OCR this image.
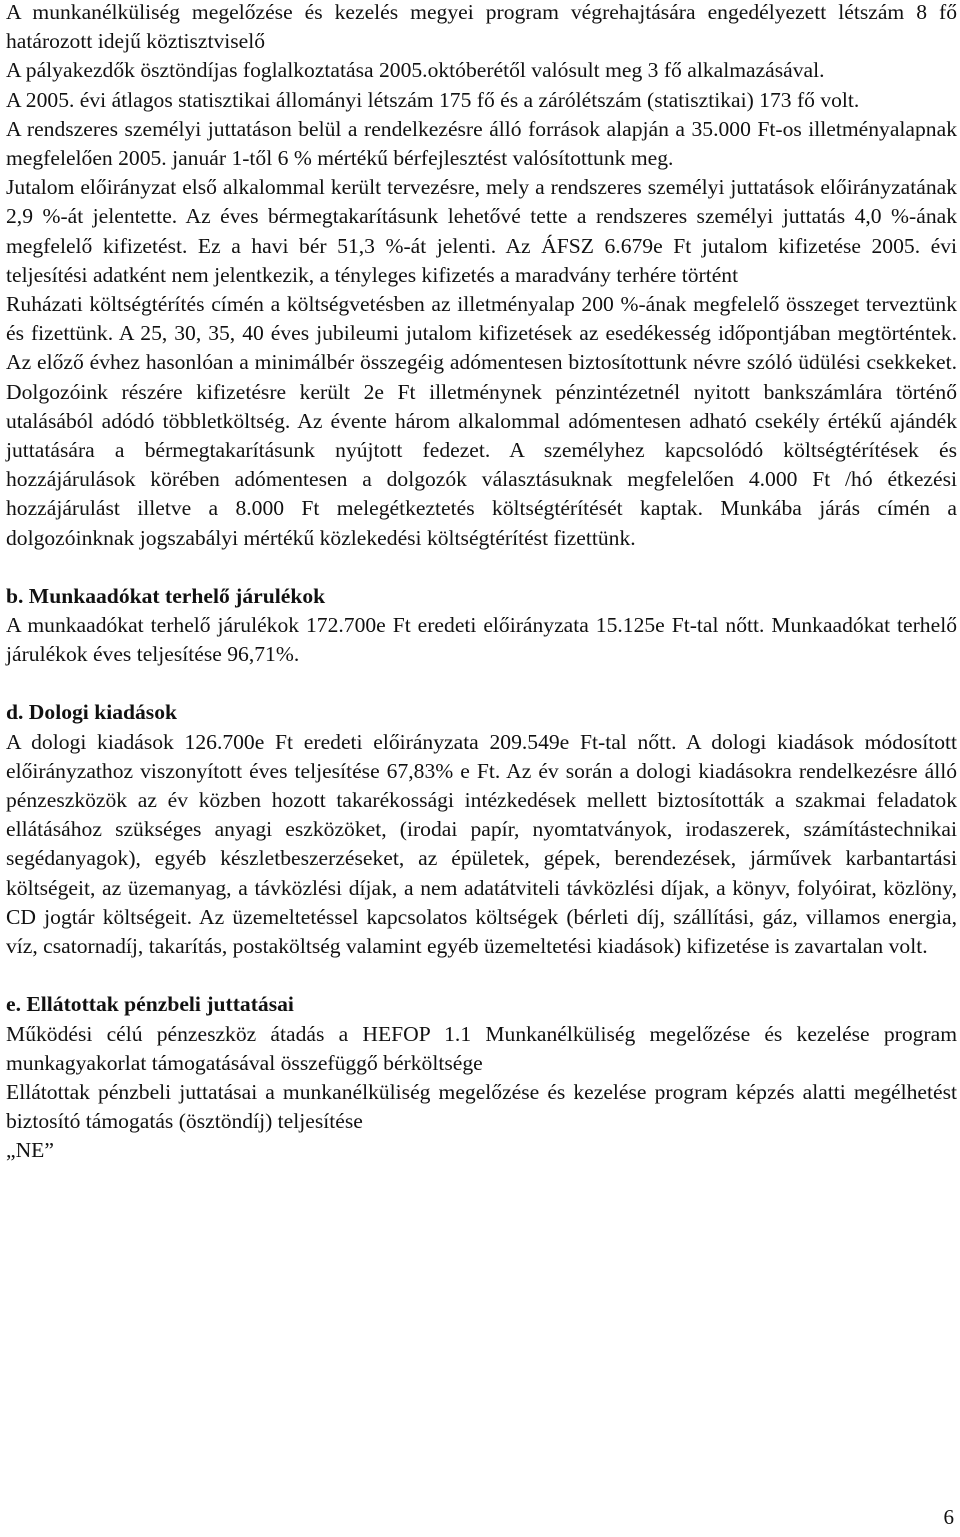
A munkanélküliség megelőzése és kezelés megyei program végrehajtására engedélyezett létszám 8 fő határozott idejű köztisztviselő

A pályakezdők ösztöndíjas foglalkoztatása 2005.októberétől valósult meg 3 fő alkalmazásával.

A 2005. évi átlagos statisztikai állományi létszám 175 fő és a zárólétszám (statisztikai) 173 fő volt.

A rendszeres személyi juttatáson belül a rendelkezésre álló források alapján a 35.000 Ft-os illetményalapnak megfelelően 2005. január 1-től 6 % mértékű bérfejlesztést valósítottunk meg.

Jutalom előirányzat első alkalommal került tervezésre, mely a rendszeres személyi juttatások előirányzatának 2,9 %-át jelentette. Az éves bérmegtakarításunk lehetővé tette a rendszeres személyi juttatás 4,0 %-ának megfelelő kifizetést. Ez a havi bér 51,3 %-át jelenti. Az ÁFSZ 6.679e Ft jutalom kifizetése 2005. évi teljesítési adatként nem jelentkezik, a tényleges kifizetés a maradvány terhére történt

Ruházati költségtérítés címén a költségvetésben az illetményalap 200 %-ának megfelelő összeget terveztünk és fizettünk. A 25, 30, 35, 40 éves jubileumi jutalom kifizetések az esedékesség időpontjában megtörténtek. Az előző évhez hasonlóan a minimálbér összegéig adómentesen biztosítottunk névre szóló üdülési csekkeket. Dolgozóink részére kifizetésre került 2e Ft illetménynek pénzintézetnél nyitott bankszámlára történő utalásából adódó többletköltség. Az évente három alkalommal adómentesen adható csekély értékű ajándék juttatására a bérmegtakarításunk nyújtott fedezet. A személyhez kapcsolódó költségtérítések és hozzájárulások körében adómentesen a dolgozók választásuknak megfelelően 4.000 Ft /hó étkezési hozzájárulást illetve a 8.000 Ft melegétkeztetés költségtérítését kaptak. Munkába járás címén a dolgozóinknak jogszabályi mértékű közlekedési költségtérítést fizettünk.

b. Munkaadókat terhelő járulékok

A munkaadókat terhelő járulékok 172.700e Ft eredeti előirányzata 15.125e Ft-tal nőtt. Munkaadókat terhelő járulékok éves teljesítése 96,71%.

d. Dologi kiadások

A dologi kiadások 126.700e Ft eredeti előirányzata 209.549e Ft-tal nőtt. A dologi kiadások módosított előirányzathoz viszonyított éves teljesítése 67,83% e Ft. Az év során a dologi kiadásokra rendelkezésre álló pénzeszközök az év közben hozott takarékossági intézkedések mellett biztosították a szakmai feladatok ellátásához szükséges anyagi eszközöket, (irodai papír, nyomtatványok, irodaszerek, számítástechnikai segédanyagok), egyéb készletbeszerzéseket, az épületek, gépek, berendezések, járművek karbantartási költségeit, az üzemanyag, a távközlési díjak, a nem adatátviteli távközlési díjak, a könyv, folyóirat, közlöny, CD jogtár költségeit. Az üzemeltetéssel kapcsolatos költségek (bérleti díj, szállítási, gáz, villamos energia, víz, csatornadíj, takarítás, postaköltség valamint egyéb üzemeltetési kiadások) kifizetése is zavartalan volt.

e. Ellátottak pénzbeli juttatásai

Működési célú pénzeszköz átadás a HEFOP 1.1 Munkanélküliség megelőzése és kezelése program munkagyakorlat támogatásával összefüggő bérköltsége

Ellátottak pénzbeli juttatásai a munkanélküliség megelőzése és kezelése program képzés alatti megélhetést biztosító támogatás (ösztöndíj) teljesítése

„NE”

6
